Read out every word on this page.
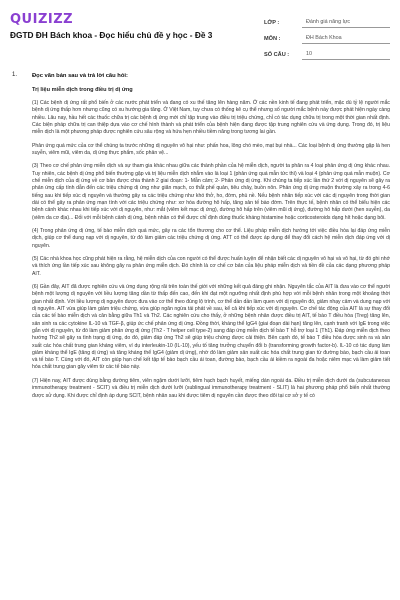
QUIZIZZ
ĐGTD ĐH Bách khoa - Đọc hiểu chủ đề y học - Đề 3
LỚP :	Đánh giá năng lực
MÔN :	ĐH Bách Khoa
SỐ CÂU :	10
1.	Đọc văn bản sau và trả lời câu hỏi:

Trị liệu miễn dịch trong điều trị dị ứng

(1) Các bệnh dị ứng rất phổ biến ở các nước phát triển và đang có xu thế tăng lên hàng năm. Ở các nền kinh tế đang phát triển, mặc dù tỷ lệ người mắc bệnh dị ứng thấp hơn nhưng cũng có xu hướng gia tăng. Ở Việt Nam, tuy chưa có thống kê cụ thể nhưng số người mắc bệnh này được phát hiện ngày càng nhiều. Lâu nay, hầu hết các thuốc chữa trị các bệnh dị ứng mới chỉ tập trung vào điều trị triệu chứng, chỉ có tác dụng chữa trị trong một thời gian nhất định. Các biện pháp chữa trị can thiệp dựa vào cơ chế hình thành và phát triển của bệnh hiện đang được tập trung nghiên cứu và ứng dụng. Trong đó, trị liệu miễn dịch là một phương pháp được nghiên cứu sâu rộng và hứa hẹn nhiều tiềm năng trong tương lai gần.

Phản ứng quá mức của cơ thể chúng ta trước những dị nguyên vô hại như: phấn hoa, lông chó mèo, mạt bụi nhà... Các loại bệnh dị ứng thường gặp là hen suyễn, viêm mũi, viêm da, dị ứng thực phẩm, sốc phản vệ...

(3) Theo cơ chế phản ứng miễn dịch và sự tham gia khác nhau giữa các thành phần của hệ miễn dịch, người ta phân ra 4 loại phản ứng dị ứng khác nhau. Tuy nhiên, các bệnh dị ứng phổ biến thường gặp và trị liệu miễn dịch nhắm vào là loại 1 (phản ứng quá mẫn tức thì) và loại 4 (phản ứng quá mẫn muộn). Cơ chế miễn dịch của dị ứng về cơ bản được chia thành 2 giai đoạn: 1- Mẫn cảm; 2- Phản ứng dị ứng. Khi chúng ta tiếp xúc lần thứ 2 với dị nguyên sẽ gây ra phản ứng cấp tính dẫn đến các triệu chứng dị ứng như giãn mạch, co thắt phế quản, tiêu chảy, buồn nôn. Phản ứng dị ứng muộn thường xảy ra trong 4-6 tiếng sau khi tiếp xúc dị nguyên và thường gây ra các triệu chứng như khó thở, ho, đờm, phù nề. Nếu bệnh nhân tiếp xúc với các dị nguyên trong thời gian dài có thể gây ra phản ứng mạn tính với các triệu chứng như: xơ hóa đường hô hấp, tăng sản tế bào đờm. Trên thực tế, bệnh nhân có thể biểu hiện các bệnh cảnh khác nhau khi tiếp xúc với dị nguyên, như: mắt (viêm kết mạc dị ứng), đường hô hấp trên (viêm mũi dị ứng), đường hô hấp dưới (hen suyễn), da (viêm da cơ địa)... Đối với mỗi bệnh cảnh dị ứng, bệnh nhân có thể được chỉ định dùng thuốc kháng histamine hoặc corticosteroids dạng hít hoặc dạng bôi.

(4) Trong phản ứng dị ứng, tế bào miễn dịch quá mức, gây ra các tổn thương cho cơ thể. Liệu pháp miễn dịch hướng tới việc điều hòa lại đáp ứng miễn dịch, giúp cơ thể dung nạp với dị nguyên, từ đó làm giảm các triệu chứng dị ứng. ATT có thể được áp dụng để thay đổi cách hệ miễn dịch đáp ứng với dị nguyên.

(5) Các nhà khoa học cũng phát hiện ra rằng, hệ miễn dịch của con người có thể được huấn luyện để nhận biết các dị nguyên vô hại và vô hại, từ đó ghi nhớ và thích ứng lần tiếp xúc sau không gây ra phản ứng miễn dịch. Đó chính là cơ chế cơ bản của liệu pháp miễn dịch và tiền đề của các dạng phương pháp AIT.

(6) Gần đây, AIT đã được nghiên cứu và ứng dụng rộng rãi trên toàn thế giới với những kết quả đáng ghi nhận. Nguyên tắc của AIT là đưa vào cơ thể người bệnh một lượng dị nguyên với liều lượng tăng dần từ thấp đến cao, đến khi đạt một ngưỡng nhất định phù hợp với mỗi bệnh nhân trong một khoảng thời gian nhất định. Với liều lượng dị nguyên được đưa vào cơ thể theo đúng lộ trình, cơ thể dần dần làm quen với dị nguyên đó, giảm nhạy cảm và dung nạp với dị nguyên. AIT vừa giúp làm giảm triệu chứng, vừa giúp ngăn ngừa tái phát về sau, kể cả khi tiếp xúc với dị nguyên. Cơ chế tác động của AIT là sự thay đổi của các tế bào miễn dịch và cân bằng giữa Th1 và Th2. Các nghiên cứu cho thấy, ở những bệnh nhân được điều trị AIT, tế bào T điều hòa (Treg) tăng lên, sản sinh ra các cytokine IL-10 và TGF-β, giúp ức chế phản ứng dị ứng. Đồng thời, kháng thể IgG4 (giai đoạn dài hạn) tăng lên, cạnh tranh với IgE trong việc gắn với dị nguyên, từ đó làm giảm phản ứng dị ứng (Th2 - T helper cell type-2) sang đáp ứng miễn dịch tế bào T hỗ trợ loại 1 (Th1). Đáp ứng miễn dịch theo hướng Th2 sẽ gây ra tình trạng dị ứng, do đó, giảm đáp ứng Th2 sẽ giúp triệu chứng được cải thiện. Bên cạnh đó, tế bào T điều hòa được sinh ra và sản xuất các hóa chất trung gian kháng viêm, ví dụ interleukin-10 (IL-10), yếu tố tăng trưởng chuyển đổi b (transforming growth factor-b). IL-10 có tác dụng làm giảm kháng thể IgE (tăng dị ứng) và tăng kháng thể IgG4 (giảm dị ứng), nhờ đó làm giảm sản xuất các hóa chất trung gian từ đường bào, bạch cầu ái toan và tế bào T. Cùng với đó, AIT còn giúp hạn chế kết tập tế bào bạch cầu ái toan, đường bào, bạch cầu ái kiềm ra ngoài đa hoặc niêm mạc và làm giảm tiết hóa chất trung gian gây viêm từ các tế bào này.

(7) Hiện nay, AIT được dùng bằng đường tiêm, viên ngậm dưới lưỡi, tiêm hạch bạch huyết, miếng dán ngoài da. Điều trị miễn dịch dưới da (subcutaneous immunotherapy treatment - SCIT) và điều trị miễn dịch dưới lưỡi (sublingual immunotherapy treatment - SLIT) là hai phương pháp phổ biến nhất thường được sử dụng. Khi được chỉ định áp dụng SCIT, bệnh nhân sau khi được tiêm dị nguyên cần được theo dõi tại cơ sở y tế có
